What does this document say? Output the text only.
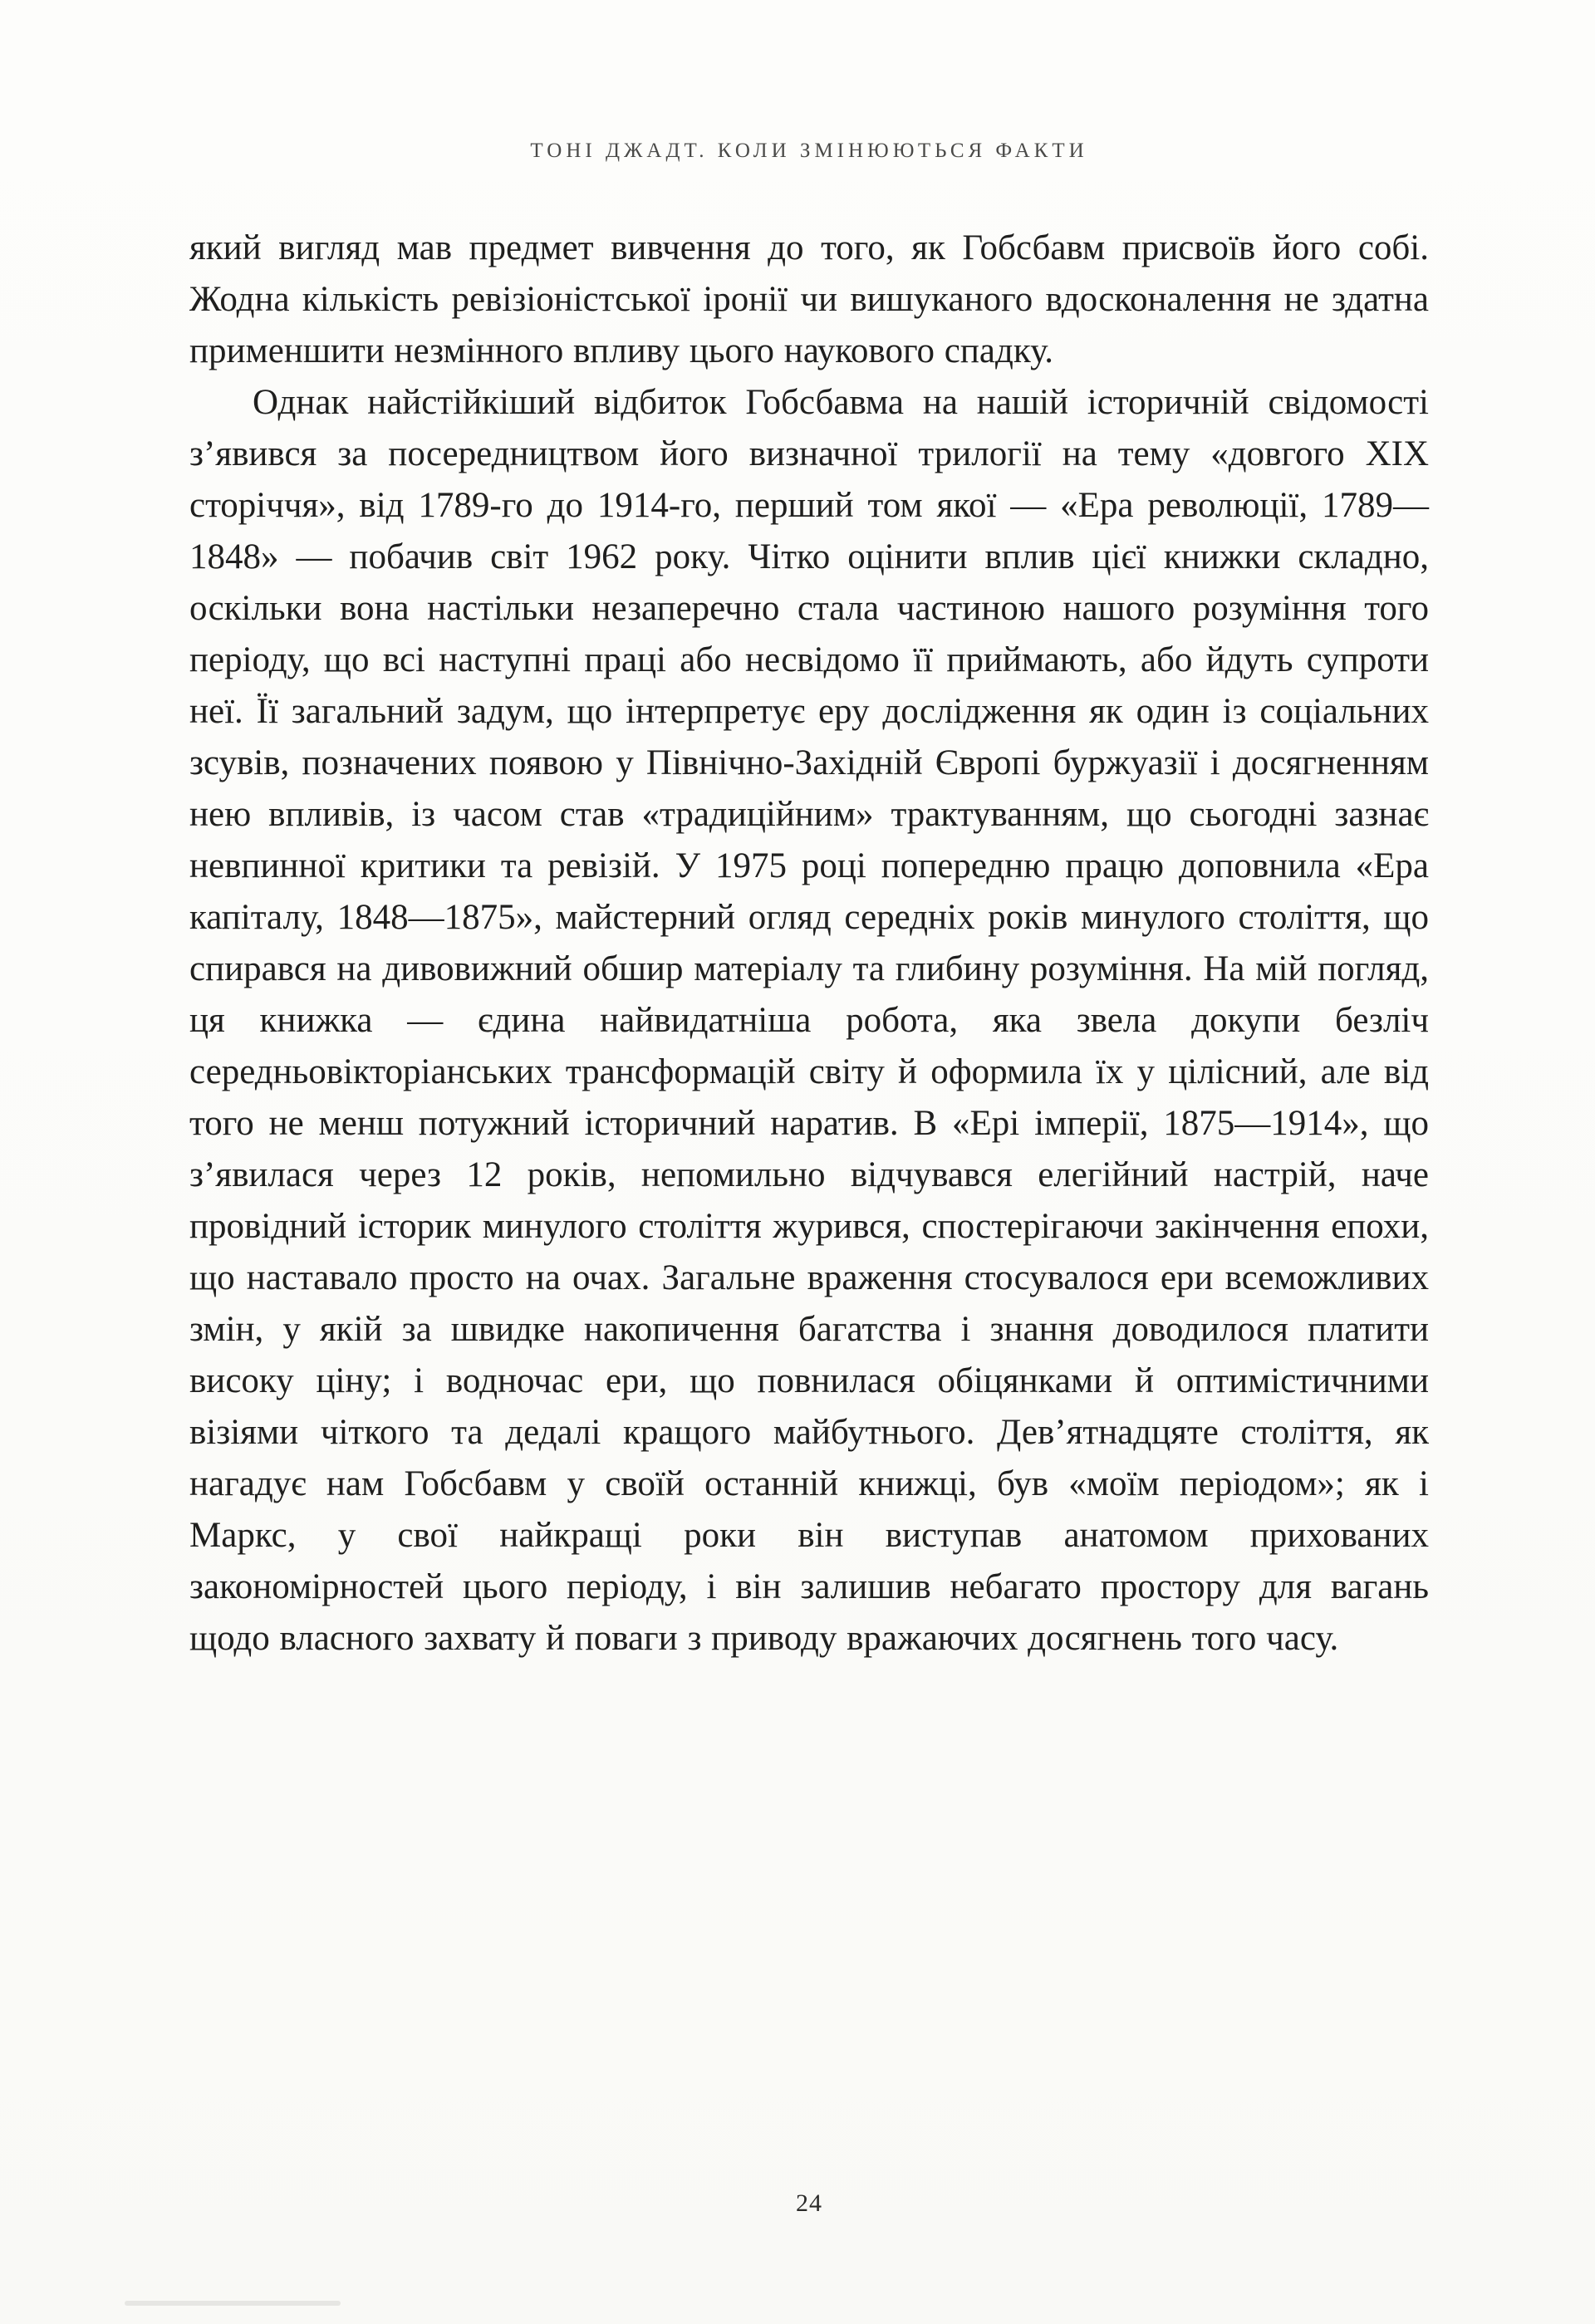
ТОНІ ДЖАДТ. КОЛИ ЗМІНЮЮТЬСЯ ФАКТИ

який вигляд мав предмет вивчення до того, як Гобсбавм присвоїв його собі. Жодна кількість ревізіоністської іронії чи вишуканого вдосконалення не здатна применшити незмінного впливу цього наукового спадку.

Однак найстійкіший відбиток Гобсбавма на нашій історичній свідомості з’явився за посередництвом його визначної трилогії на тему «довгого XIX сторіччя», від 1789-го до 1914-го, перший том якої — «Ера революції, 1789—1848» — побачив світ 1962 року. Чітко оцінити вплив цієї книжки складно, оскільки вона настільки незаперечно стала частиною нашого розуміння того періоду, що всі наступні праці або несвідомо її приймають, або йдуть супроти неї. Її загальний задум, що інтерпретує еру дослідження як один із соціальних зсувів, позначених появою у Північно-Західній Європі буржуазії і досягненням нею впливів, із часом став «традиційним» трактуванням, що сьогодні зазнає невпинної критики та ревізій. У 1975 році попередню працю доповнила «Ера капіталу, 1848—1875», майстерний огляд середніх років минулого століття, що спирався на дивовижний обшир матеріалу та глибину розуміння. На мій погляд, ця книжка — єдина найвидатніша робота, яка звела докупи безліч середньовікторіанських трансформацій світу й оформила їх у цілісний, але від того не менш потужний історичний наратив. В «Ері імперії, 1875—1914», що з’явилася через 12 років, непомильно відчувався елегійний настрій, наче провідний історик минулого століття журився, спостерігаючи закінчення епохи, що наставало просто на очах. Загальне враження стосувалося ери всеможливих змін, у якій за швидке накопичення багатства і знання доводилося платити високу ціну; і водночас ери, що повнилася обіцянками й оптимістичними візіями чіткого та дедалі кращого майбутнього. Дев’ятнадцяте століття, як нагадує нам Гобсбавм у своїй останній книжці, був «моїм періодом»; як і Маркс, у свої найкращі роки він виступав анатомом прихованих закономірностей цього періоду, і він залишив небагато простору для вагань щодо власного захвату й поваги з приводу вражаючих досягнень того часу.

24
